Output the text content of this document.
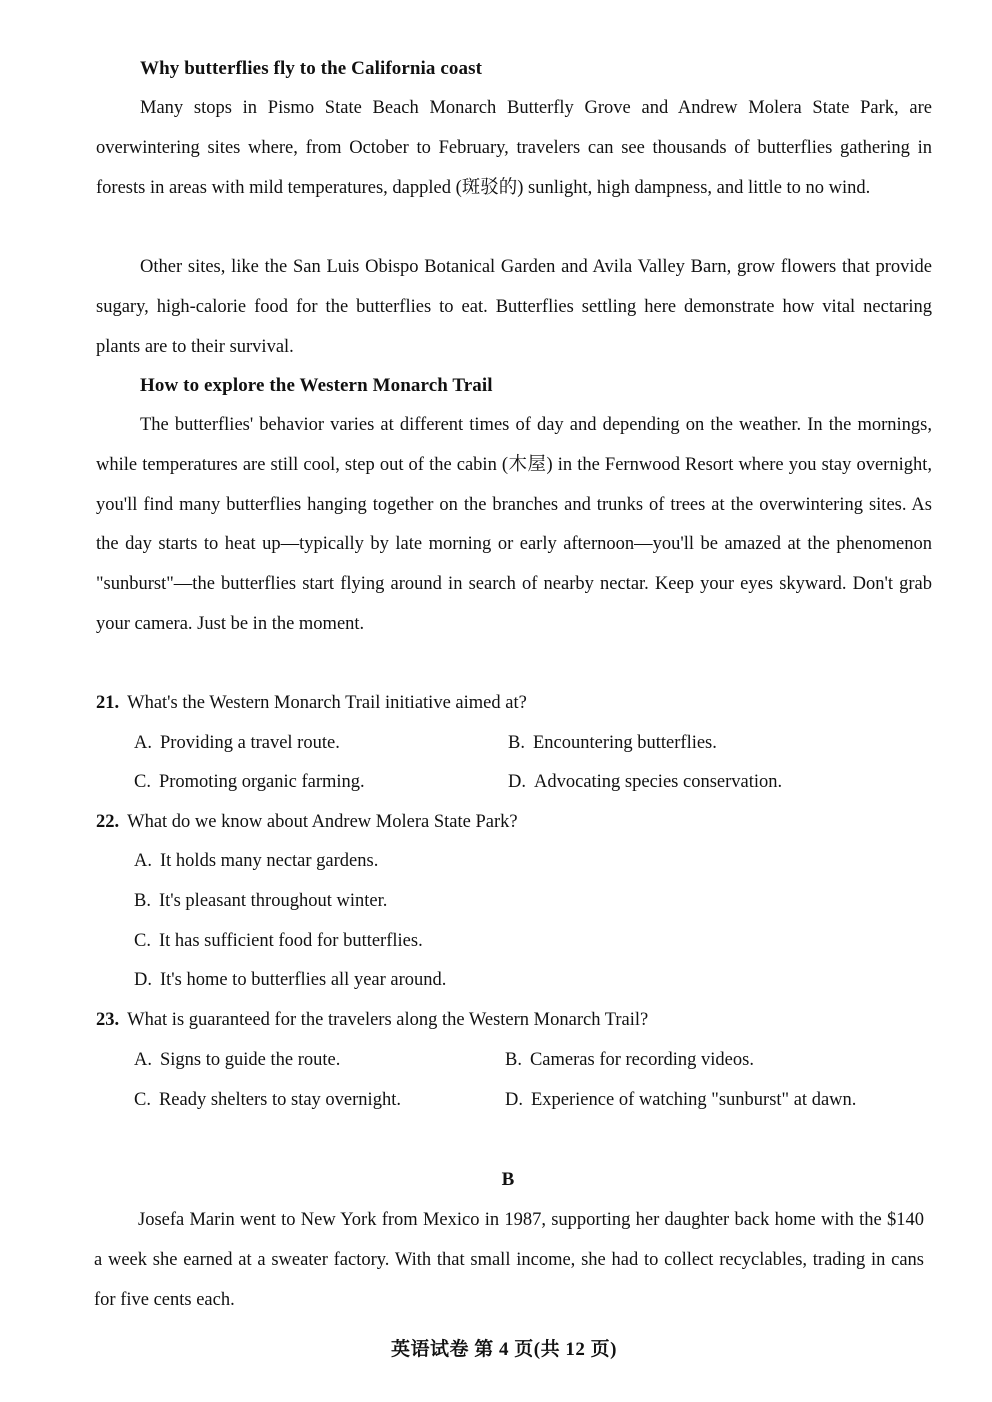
Why butterflies fly to the California coast

Many stops in Pismo State Beach Monarch Butterfly Grove and Andrew Molera State Park, are overwintering sites where, from October to February, travelers can see thousands of butterflies gathering in forests in areas with mild temperatures, dappled (斑驳的) sunlight, high dampness, and little to no wind.

Other sites, like the San Luis Obispo Botanical Garden and Avila Valley Barn, grow flowers that provide sugary, high-calorie food for the butterflies to eat. Butterflies settling here demonstrate how vital nectaring plants are to their survival.

How to explore the Western Monarch Trail

The butterflies' behavior varies at different times of day and depending on the weather. In the mornings, while temperatures are still cool, step out of the cabin (木屋) in the Fernwood Resort where you stay overnight, you'll find many butterflies hanging together on the branches and trunks of trees at the overwintering sites. As the day starts to heat up—typically by late morning or early afternoon—you'll be amazed at the phenomenon "sunburst"—the butterflies start flying around in search of nearby nectar. Keep your eyes skyward. Don't grab your camera. Just be in the moment.

21. What's the Western Monarch Trail initiative aimed at?
A. Providing a travel route.	B. Encountering butterflies.
C. Promoting organic farming.	D. Advocating species conservation.
22. What do we know about Andrew Molera State Park?
A. It holds many nectar gardens.
B. It's pleasant throughout winter.
C. It has sufficient food for butterflies.
D. It's home to butterflies all year around.
23. What is guaranteed for the travelers along the Western Monarch Trail?
A. Signs to guide the route.	B. Cameras for recording videos.
C. Ready shelters to stay overnight.	D. Experience of watching "sunburst" at dawn.
B

Josefa Marin went to New York from Mexico in 1987, supporting her daughter back home with the $140 a week she earned at a sweater factory. With that small income, she had to collect recyclables, trading in cans for five cents each.

英语试卷 第 4 页(共 12 页)
